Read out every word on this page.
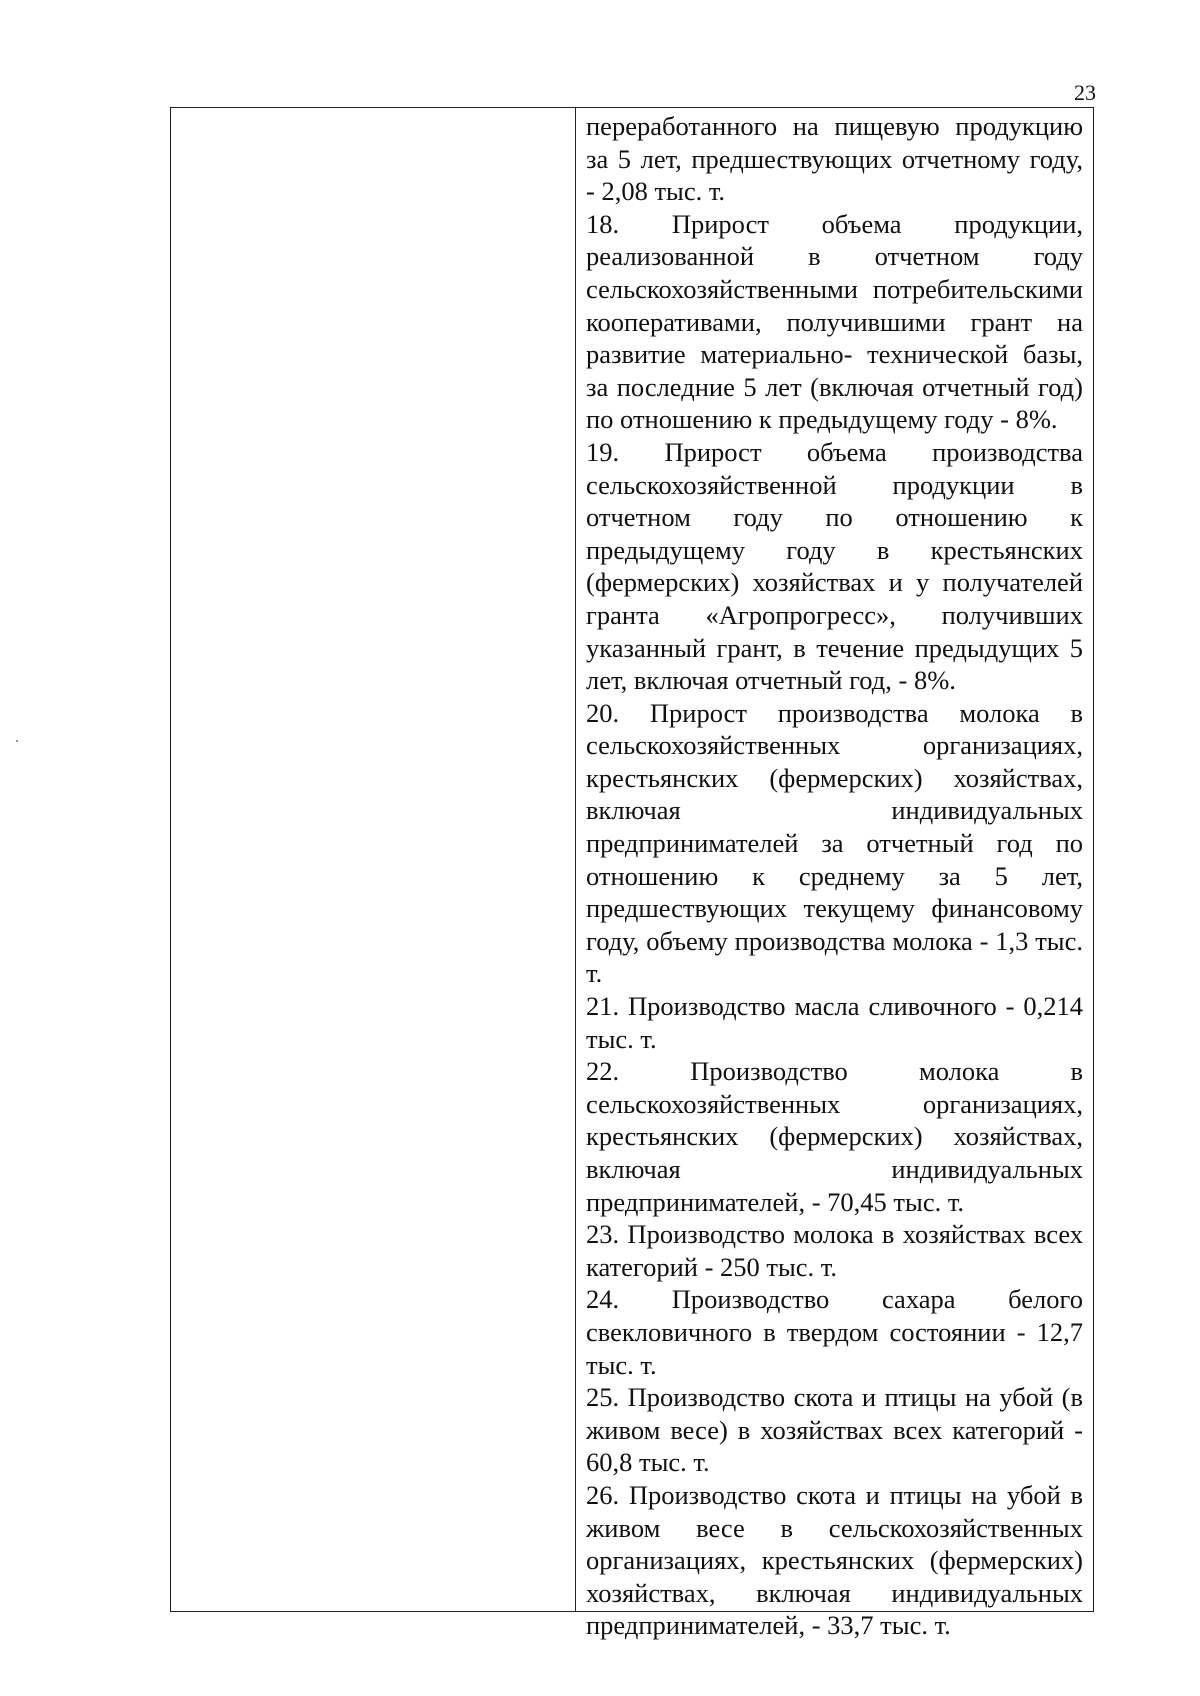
23

переработанного на пищевую продукцию за 5 лет, предшествующих отчетному году, - 2,08 тыс. т.

18. Прирост объема продукции, реализованной в отчетном году сельскохозяйственными потребительскими кооперативами, получившими грант на развитие материально- технической базы, за последние 5 лет (включая отчетный год) по отношению к предыдущему году - 8%.

19. Прирост объема производства сельскохозяйственной продукции в отчетном году по отношению к предыдущему году в крестьянских (фермерских) хозяйствах и у получателей гранта «Агропрогресс», получивших указанный грант, в течение предыдущих 5 лет, включая отчетный год, - 8%.

20. Прирост производства молока в сельскохозяйственных организациях, крестьянских (фермерских) хозяйствах, включая индивидуальных предпринимателей за отчетный год по отношению к среднему за 5 лет, предшествующих текущему финансовому году, объему производства молока - 1,3 тыс. т.

21. Производство масла сливочного - 0,214 тыс. т.

22. Производство молока в сельскохозяйственных организациях, крестьянских (фермерских) хозяйствах, включая индивидуальных предпринимателей, - 70,45 тыс. т.

23. Производство молока в хозяйствах всех категорий - 250 тыс. т.

24. Производство сахара белого свекловичного в твердом состоянии - 12,7 тыс. т.

25. Производство скота и птицы на убой (в живом весе) в хозяйствах всех категорий - 60,8 тыс. т.

26. Производство скота и птицы на убой в живом весе в сельскохозяйственных организациях, крестьянских (фермерских) хозяйствах, включая индивидуальных предпринимателей, - 33,7 тыс. т.
